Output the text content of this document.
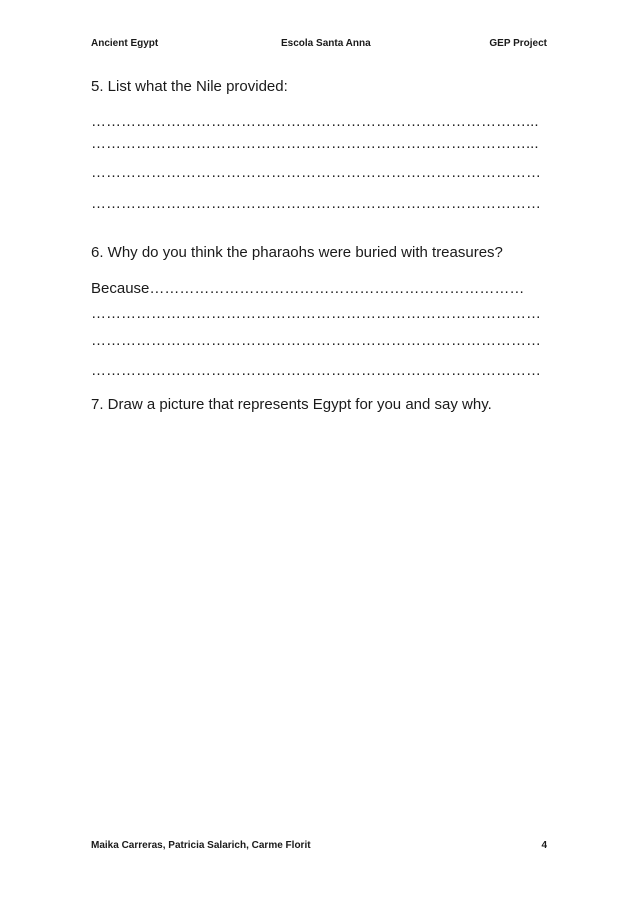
Ancient Egypt	Escola Santa Anna	GEP Project
5. List what the Nile provided:
……………………………………………………………………………...
……………………………………………………………………………...
………………………………………………………………………………
………………………………………………………………………………
6. Why do you think the pharaohs were buried with treasures?
Because…………………………………………………………………
………………………………………………………………………………
………………………………………………………………………………
………………………………………………………………………………
7. Draw a picture that represents Egypt for you and say why.
Maika Carreras, Patricia Salarich, Carme Florit	4
